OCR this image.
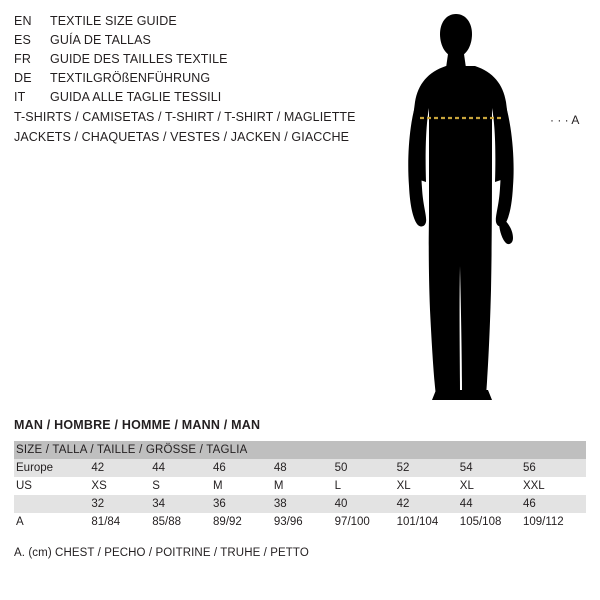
EN	TEXTILE SIZE GUIDE
ES	GUÍA DE TALLAS
FR	GUIDE DES TAILLES TEXTILE
DE	TEXTILGRÖßENFÜHRUNG
IT	GUIDA ALLE TAGLIE TESSILI
T-SHIRTS / CAMISETAS / T-SHIRT / T-SHIRT / MAGLIETTE
JACKETS / CHAQUETAS / VESTES / JACKEN / GIACCHE
· · · A
MAN / HOMBRE / HOMME / MANN / MAN
SIZE / TALLA / TAILLE / GRÖSSE / TAGLIA								
Europe	42	44	46	48	50	52	54	56
US	XS	S	M	M	L	XL	XL	XXL
	32	34	36	38	40	42	44	46
A	81/84	85/88	89/92	93/96	97/100	101/104	105/108	109/112
A. (cm) CHEST / PECHO / POITRINE / TRUHE / PETTO
